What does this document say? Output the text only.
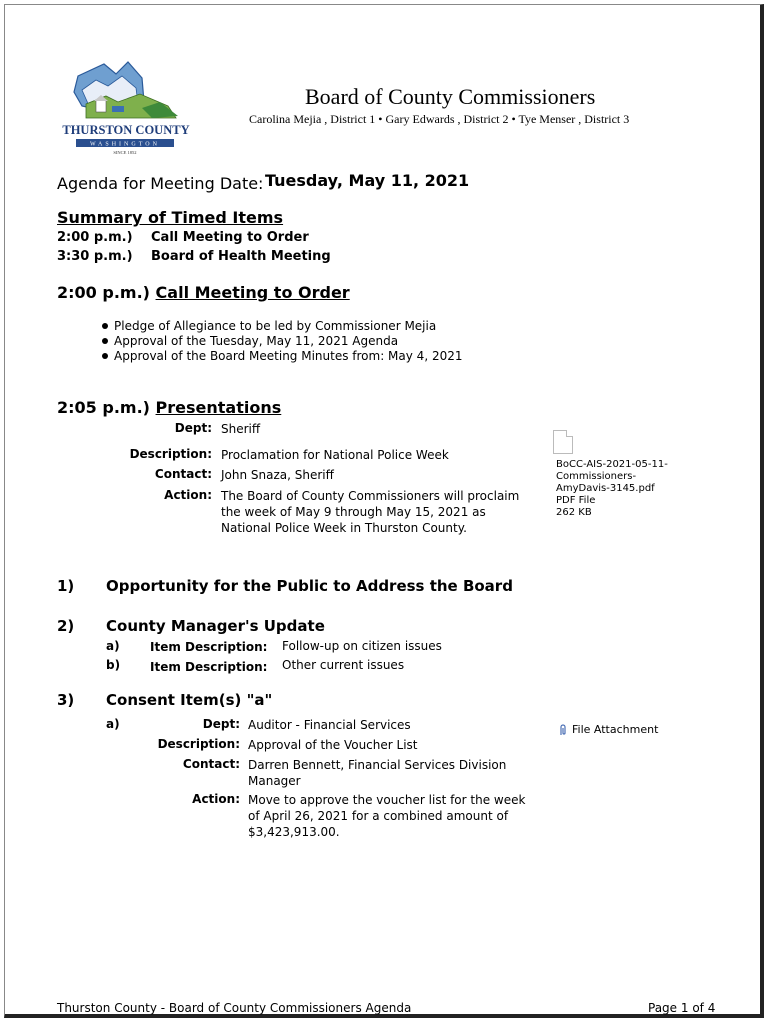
THURSTON COUNTY
WASHINGTON
SINCE 1852
Board of County Commissioners
Carolina Mejia , District 1 • Gary Edwards , District 2 • Tye Menser , District 3
Agenda for Meeting Date: Tuesday, May 11, 2021
Summary of Timed Items
2:00 p.m.) Call Meeting to Order
3:30 p.m.) Board of Health Meeting
2:00 p.m.) Call Meeting to Order
Pledge of Allegiance to be led by Commissioner Mejia
Approval of the Tuesday, May 11, 2021 Agenda
Approval of the Board Meeting Minutes from: May 4, 2021
2:05 p.m.) Presentations
Dept: Sheriff
Description: Proclamation for National Police Week
Contact: John Snaza, Sheriff
Action: The Board of County Commissioners will proclaim
the week of May 9 through May 15, 2021 as
National Police Week in Thurston County.
BoCC-AIS-2021-05-11-
Commissioners-
AmyDavis-3145.pdf
PDF File
262 KB
1) Opportunity for the Public to Address the Board
2) County Manager's Update
a)	Item Description: Follow-up on citizen issues
b) Item Description: Other current issues
3) Consent Item(s) "a"
a)	Dept: Auditor - Financial Services
Description: Approval of the Voucher List
Contact: Darren Bennett, Financial Services Division
Manager
Action: Move to approve the voucher list for the week
of April 26, 2021 for a combined amount of
$3,423,913.00.
File Attachment
Thurston County - Board of County Commissioners Agenda	Page 1 of 4
